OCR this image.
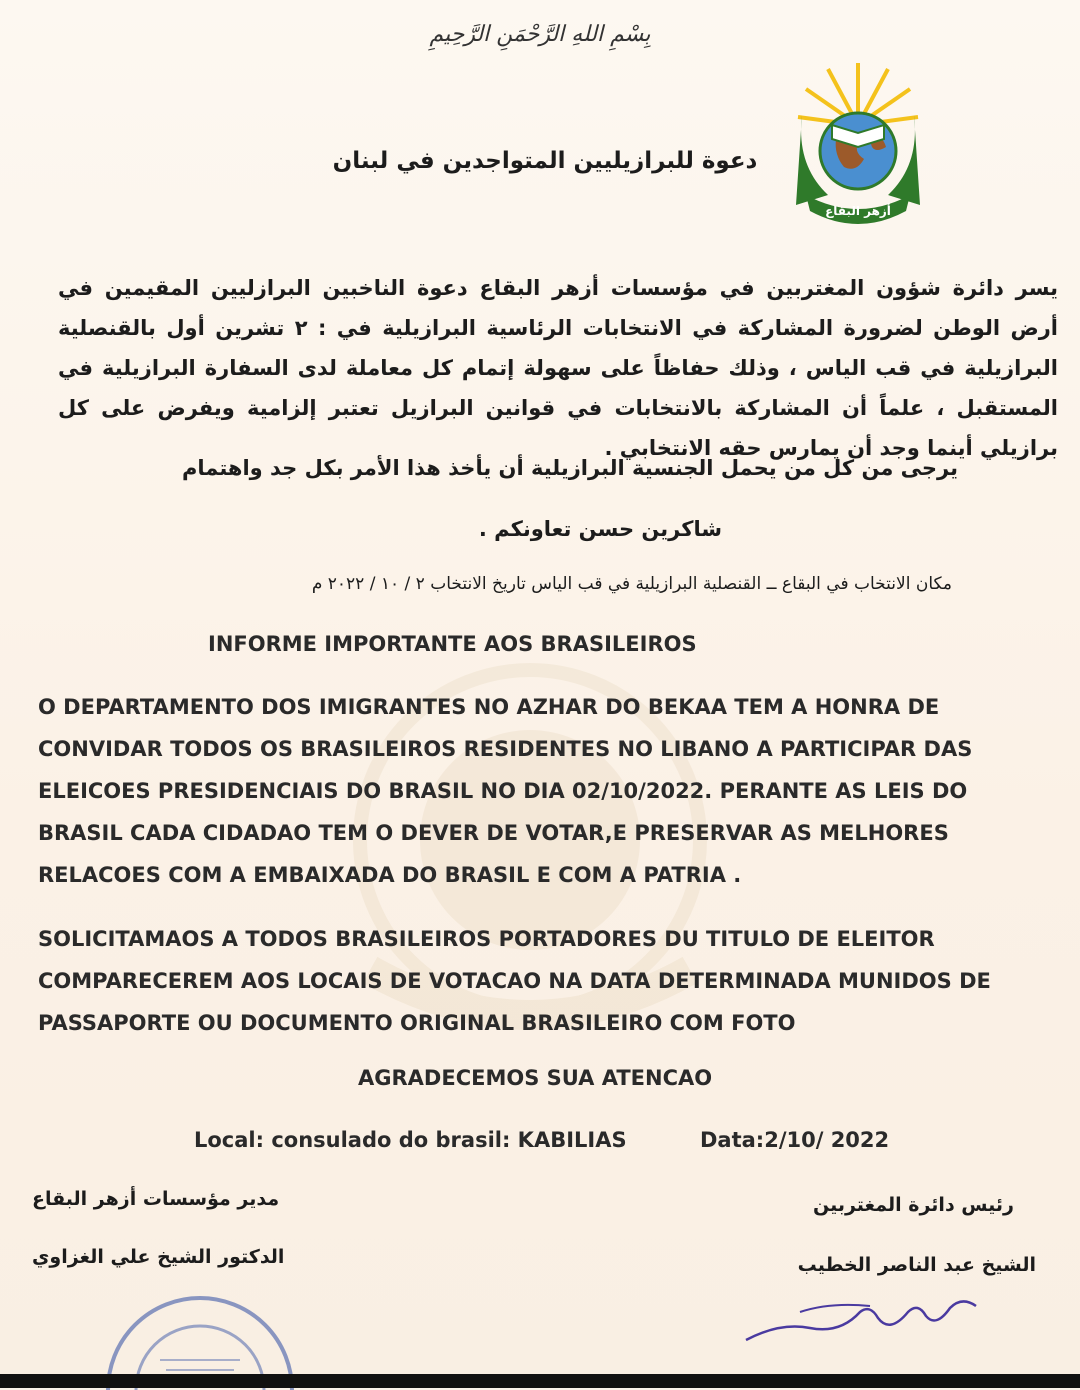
بِسْمِ اللهِ الرَّحْمَنِ الرَّحِيمِ
أزهر البقاع
دعوة للبرازيليين المتواجدين في لبنان
يسر دائرة شؤون المغتربين في مؤسسات أزهر البقاع دعوة الناخبين البرازليين المقيمين في أرض الوطن لضرورة المشاركة في الانتخابات الرئاسية البرازيلية في : ٢ تشرين أول بالقنصلية البرازيلية في قب الياس ، وذلك حفاظاً على سهولة إتمام كل معاملة لدى السفارة البرازيلية في المستقبل ، علماً أن المشاركة بالانتخابات في قوانين البرازيل تعتبر إلزامية ويفرض على كل برازيلي أينما وجد أن يمارس حقه الانتخابي .
يرجى من كل من يحمل الجنسية البرازيلية أن يأخذ هذا الأمر بكل جد واهتمام
شاكرين حسن تعاونكم .
مكان الانتخاب في البقاع ــ القنصلية البرازيلية في قب الياس تاريخ الانتخاب ٢ / ١٠ / ٢٠٢٢ م
INFORME IMPORTANTE AOS BRASILEIROS
O DEPARTAMENTO DOS IMIGRANTES NO AZHAR DO BEKAA TEM A HONRA DE CONVIDAR TODOS OS BRASILEIROS RESIDENTES NO LIBANO A PARTICIPAR DAS ELEICOES PRESIDENCIAIS DO BRASIL NO DIA 02/10/2022. PERANTE AS LEIS DO BRASIL CADA CIDADAO TEM O DEVER DE VOTAR,E PRESERVAR AS MELHORES RELACOES COM A EMBAIXADA DO BRASIL E COM A PATRIA .
SOLICITAMAOS A TODOS BRASILEIROS PORTADORES DU TITULO DE ELEITOR COMPARECEREM AOS LOCAIS DE VOTACAO NA DATA DETERMINADA MUNIDOS DE PASSAPORTE OU DOCUMENTO ORIGINAL BRASILEIRO COM FOTO
AGRADECEMOS SUA ATENCAO
Local: consulado do brasil: KABILIAS	Data:2/10/ 2022
مدير مؤسسات أزهر البقاع
الدكتور الشيخ علي الغزاوي
رئيس دائرة المغتربين
الشيخ عبد الناصر الخطيب
